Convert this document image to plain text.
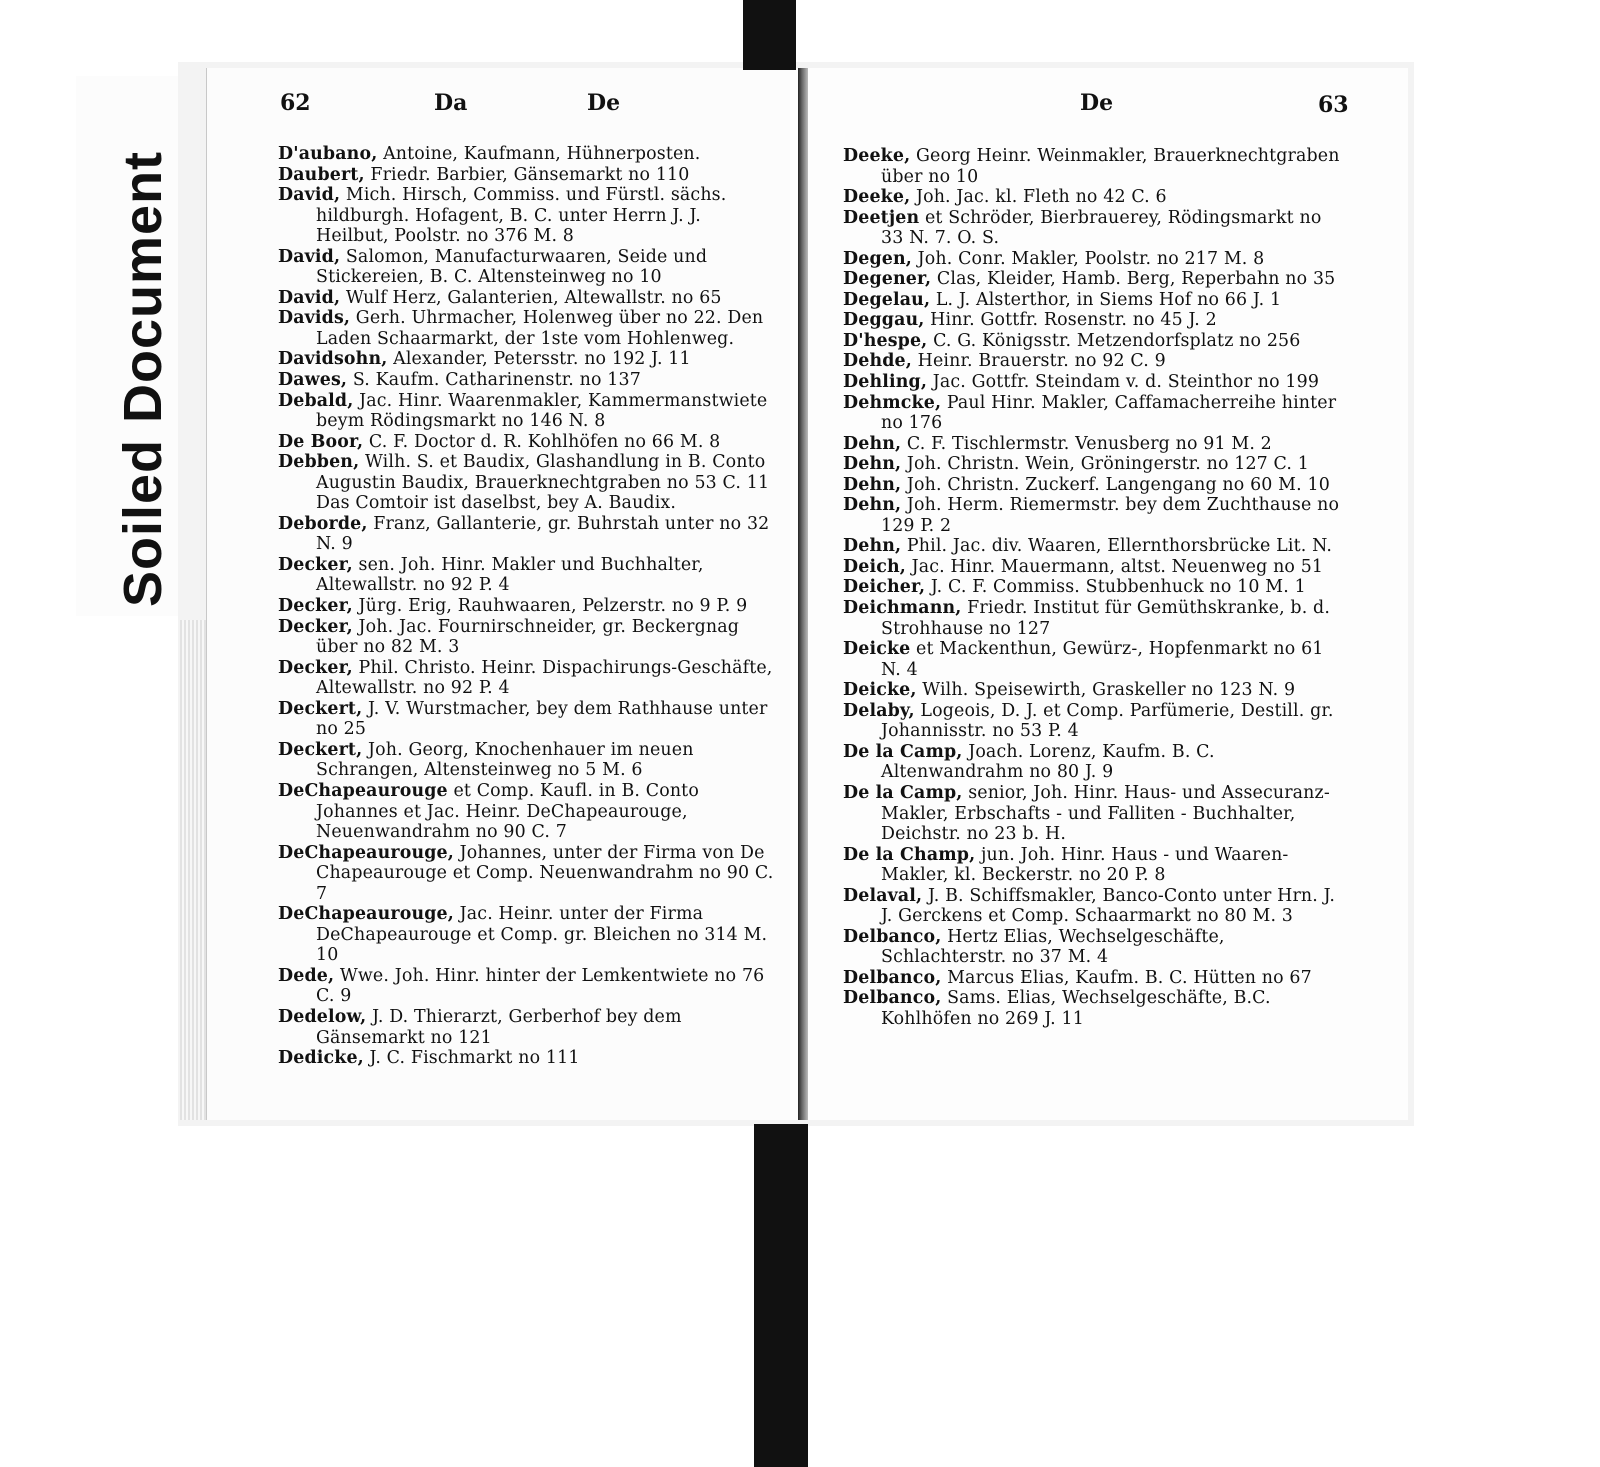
Soiled Document
62	Da	De	De	63

D'aubano, Antoine, Kaufmann, Hühnerposten.

Daubert, Friedr. Barbier, Gänsemarkt no 110

David, Mich. Hirsch, Commiss. und Fürstl. sächs. hildburgh. Hofagent, B. C. unter Herrn J. J. Heilbut, Poolstr. no 376 M. 8

David, Salomon, Manufacturwaaren, Seide und Stickereien, B. C. Altensteinweg no 10

David, Wulf Herz, Galanterien, Altewallstr. no 65

Davids, Gerh. Uhrmacher, Holenweg über no 22. Den Laden Schaarmarkt, der 1ste vom Hohlenweg.

Davidsohn, Alexander, Petersstr. no 192 J. 11

Dawes, S. Kaufm. Catharinenstr. no 137

Debald, Jac. Hinr. Waarenmakler, Kammermanstwiete beym Rödingsmarkt no 146 N. 8

De Boor, C. F. Doctor d. R. Kohlhöfen no 66 M. 8

Debben, Wilh. S. et Baudix, Glashandlung in B. Conto Augustin Baudix, Brauerknechtgraben no 53 C. 11 Das Comtoir ist daselbst, bey A. Baudix.

Deborde, Franz, Gallanterie, gr. Buhrstah unter no 32 N. 9

Decker, sen. Joh. Hinr. Makler und Buchhalter, Altewallstr. no 92 P. 4

Decker, Jürg. Erig, Rauhwaaren, Pelzerstr. no 9 P. 9

Decker, Joh. Jac. Fournirschneider, gr. Beckergnag über no 82 M. 3

Decker, Phil. Christo. Heinr. Dispachirungs-Geschäfte, Altewallstr. no 92 P. 4

Deckert, J. V. Wurstmacher, bey dem Rathhause unter no 25

Deckert, Joh. Georg, Knochenhauer im neuen Schrangen, Altensteinweg no 5 M. 6

DeChapeaurouge et Comp. Kaufl. in B. Conto Johannes et Jac. Heinr. DeChapeaurouge, Neuenwandrahm no 90 C. 7

DeChapeaurouge, Johannes, unter der Firma von De Chapeaurouge et Comp. Neuenwandrahm no 90 C. 7

DeChapeaurouge, Jac. Heinr. unter der Firma DeChapeaurouge et Comp. gr. Bleichen no 314 M. 10

Dede, Wwe. Joh. Hinr. hinter der Lemkentwiete no 76 C. 9

Dedelow, J. D. Thierarzt, Gerberhof bey dem Gänsemarkt no 121

Dedicke, J. C. Fischmarkt no 111

Deeke, Georg Heinr. Weinmakler, Brauerknechtgraben über no 10

Deeke, Joh. Jac. kl. Fleth no 42 C. 6

Deetjen et Schröder, Bierbrauerey, Rödingsmarkt no 33 N. 7. O. S.

Degen, Joh. Conr. Makler, Poolstr. no 217 M. 8

Degener, Clas, Kleider, Hamb. Berg, Reperbahn no 35

Degelau, L. J. Alsterthor, in Siems Hof no 66 J. 1

Deggau, Hinr. Gottfr. Rosenstr. no 45 J. 2

D'hespe, C. G. Königsstr. Metzendorfsplatz no 256

Dehde, Heinr. Brauerstr. no 92 C. 9

Dehling, Jac. Gottfr. Steindam v. d. Steinthor no 199

Dehmcke, Paul Hinr. Makler, Caffamacherreihe hinter no 176

Dehn, C. F. Tischlermstr. Venusberg no 91 M. 2

Dehn, Joh. Christn. Wein, Gröningerstr. no 127 C. 1

Dehn, Joh. Christn. Zuckerf. Langengang no 60 M. 10

Dehn, Joh. Herm. Riemermstr. bey dem Zuchthause no 129 P. 2

Dehn, Phil. Jac. div. Waaren, Ellernthorsbrücke Lit. N.

Deich, Jac. Hinr. Mauermann, altst. Neuenweg no 51

Deicher, J. C. F. Commiss. Stubbenhuck no 10 M. 1

Deichmann, Friedr. Institut für Gemüthskranke, b. d. Strohhause no 127

Deicke et Mackenthun, Gewürz-, Hopfenmarkt no 61 N. 4

Deicke, Wilh. Speisewirth, Graskeller no 123 N. 9

Delaby, Logeois, D. J. et Comp. Parfümerie, Destill. gr. Johannisstr. no 53 P. 4

De la Camp, Joach. Lorenz, Kaufm. B. C. Altenwandrahm no 80 J. 9

De la Camp, senior, Joh. Hinr. Haus- und Assecuranz-Makler, Erbschafts - und Falliten - Buchhalter, Deichstr. no 23 b. H.

De la Champ, jun. Joh. Hinr. Haus - und Waaren-Makler, kl. Beckerstr. no 20 P. 8

Delaval, J. B. Schiffsmakler, Banco-Conto unter Hrn. J. J. Gerckens et Comp. Schaarmarkt no 80 M. 3

Delbanco, Hertz Elias, Wechselgeschäfte, Schlachterstr. no 37 M. 4

Delbanco, Marcus Elias, Kaufm. B. C. Hütten no 67

Delbanco, Sams. Elias, Wechselgeschäfte, B.C. Kohlhöfen no 269 J. 11
